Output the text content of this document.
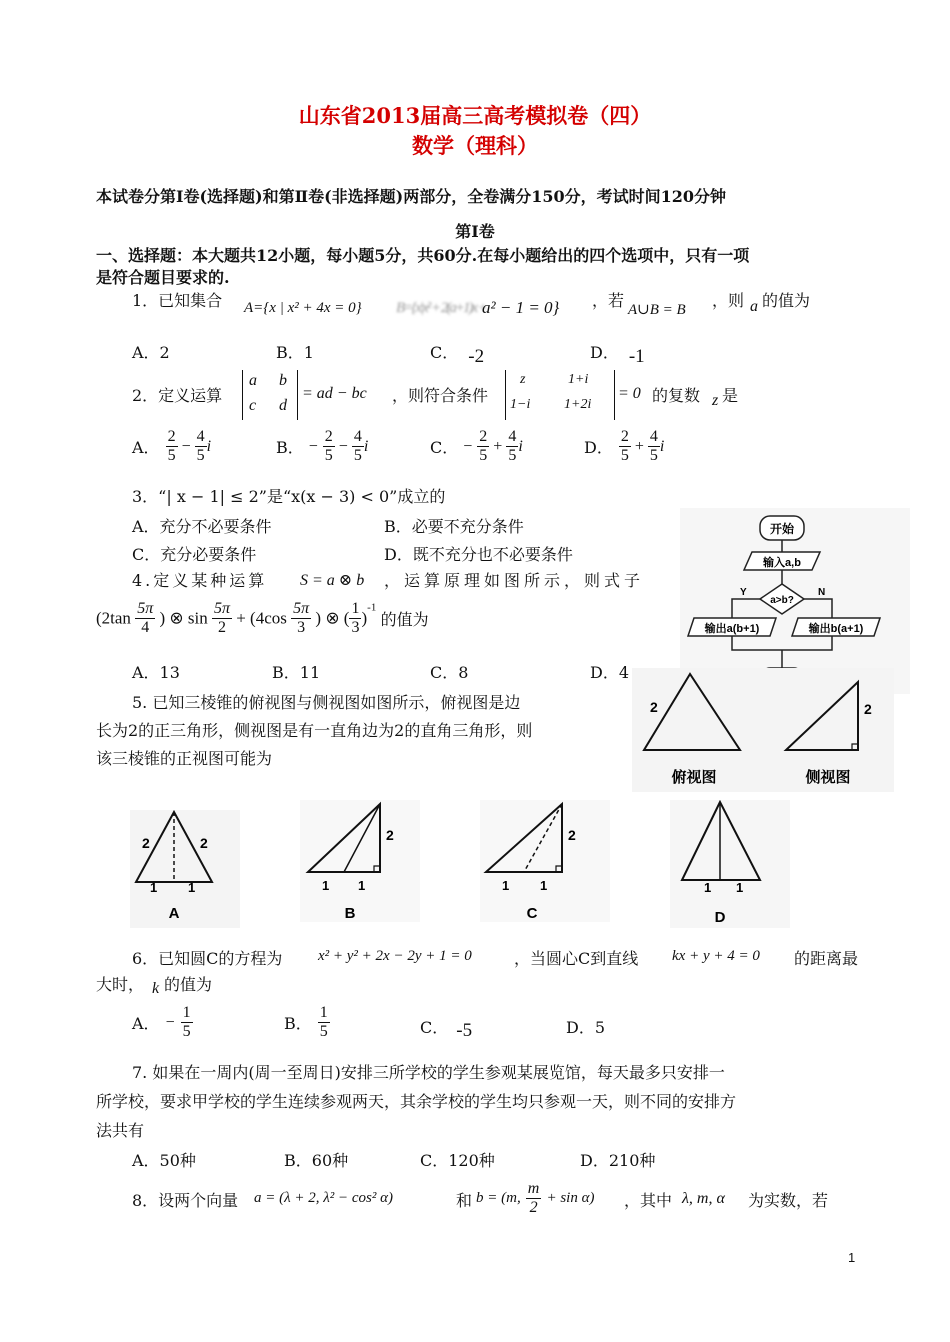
山东省2013届高三高考模拟卷（四）
数学（理科）
本试卷分第Ⅰ卷(选择题)和第Ⅱ卷(非选择题)两部分，全卷满分150分，考试时间120分钟
第Ⅰ卷
一、选择题：本大题共12小题，每小题5分，共60分.在每小题给出的四个选项中，只有一项
是符合题目要求的.
1．已知集合 A={x | x² + 4x = 0} B={x|x² + 2(a+1)x +
a² − 1 = 0} ，若 A∪B = B ，则 a 的值为
A．2	B．1	C． -2	D． -1
2．定义运算
a b
c d
= ad − bc ，则符合条件
z	1+i
1−i 1+2i
= 0 的复数 z 是
A． $\frac{2}{5} - \frac{4}{5}$ i	B． − $\frac{2}{5} - \frac{4}{5}$ i	C． − $\frac{2}{5} + \frac{4}{5}$ i	D． $\frac{2}{5} + \frac{4}{5}$ i
3．“| x − 1| ≤ 2”是“x(x − 3) < 0”成立的
A．充分不必要条件	B．必要不充分条件
C．充分必要条件	D．既不充分也不必要条件
4.定义某种运算 S = a ⊗ b ，运算原理如图所示，则式子
($2\tan \frac{5\pi}{4}$ ) ⊗ $\sin \frac{5\pi}{2} + (4\cos \frac{5\pi}{3}$ ) ⊗ ( $\frac{1}{3} )^{-1}$ 的值为
A．13	B．11	C．8	D．4
开始
输入a,b
a>b?
Y	N
输出a(b+1)	输出b(a+1)
5. 已知三棱锥的俯视图与侧视图如图所示，俯视图是边
长为2的正三角形，侧视图是有一直角边为2的直角三角形，则
该三棱锥的正视图可能为
2	2
俯视图	侧视图
2	2
1 1
A
2
1 1
B
2
1 1
C
1 1
D
6．已知圆C的方程为 x² + y² + 2x − 2y + 1 = 0	，当圆心C到直线 kx + y + 4 = 0 的距离最
大时， k 的值为
A． − $\frac{1}{5}$	B． $\frac{1}{5}$	C． -5	D．5
7. 如果在一周内(周一至周日)安排三所学校的学生参观某展览馆，每天最多只安排一
所学校，要求甲学校的学生连续参观两天，其余学校的学生均只参观一天，则不同的安排方
法共有
A．50种	B．60种	C．120种	D．210种
8．设两个向量 a = (λ + 2, λ² − cos² α)	和 b = (m, $\frac{m}{2} + \sin \alpha$) ，其中 λ, m, α 为实数，若
1
